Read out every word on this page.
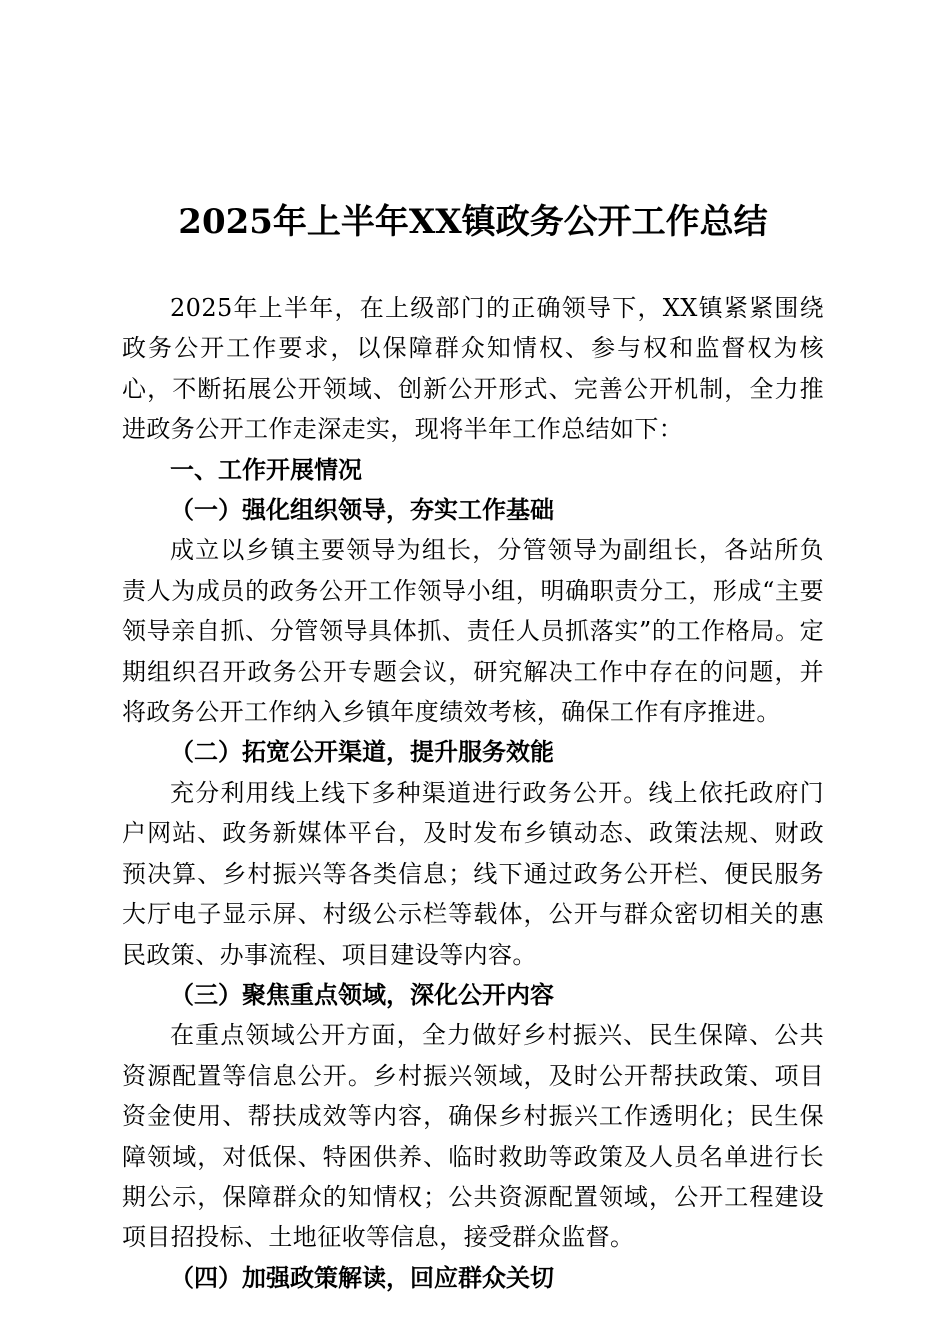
2025年上半年XX镇政务公开工作总结

2025年上半年，在上级部门的正确领导下，XX镇紧紧围绕政务公开工作要求，以保障群众知情权、参与权和监督权为核心，不断拓展公开领域、创新公开形式、完善公开机制，全力推进政务公开工作走深走实，现将半年工作总结如下：

一、工作开展情况

（一）强化组织领导，夯实工作基础

成立以乡镇主要领导为组长，分管领导为副组长，各站所负责人为成员的政务公开工作领导小组，明确职责分工，形成“主要领导亲自抓、分管领导具体抓、责任人员抓落实”的工作格局。定期组织召开政务公开专题会议，研究解决工作中存在的问题，并将政务公开工作纳入乡镇年度绩效考核，确保工作有序推进。

（二）拓宽公开渠道，提升服务效能

充分利用线上线下多种渠道进行政务公开。线上依托政府门户网站、政务新媒体平台，及时发布乡镇动态、政策法规、财政预决算、乡村振兴等各类信息；线下通过政务公开栏、便民服务大厅电子显示屏、村级公示栏等载体，公开与群众密切相关的惠民政策、办事流程、项目建设等内容。

（三）聚焦重点领域，深化公开内容

在重点领域公开方面，全力做好乡村振兴、民生保障、公共资源配置等信息公开。乡村振兴领域，及时公开帮扶政策、项目资金使用、帮扶成效等内容，确保乡村振兴工作透明化；民生保障领域，对低保、特困供养、临时救助等政策及人员名单进行长期公示，保障群众的知情权；公共资源配置领域，公开工程建设项目招投标、土地征收等信息，接受群众监督。

（四）加强政策解读，回应群众关切
